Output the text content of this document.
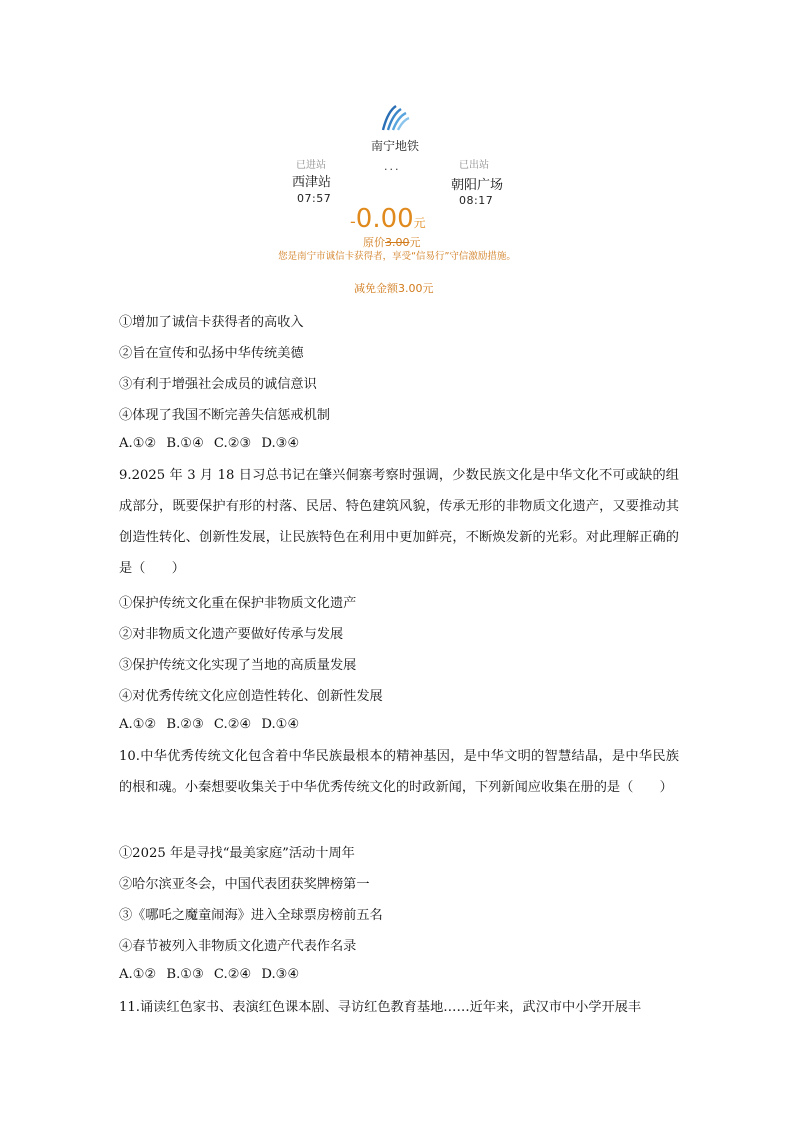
南宁地铁
已进站	已出站
...
西津站	朝阳广场
07:57	08:17
-0.00元
原价3.00元
您是南宁市诚信卡获得者，享受“信易行”守信激励措施。
减免金额3.00元
①增加了诚信卡获得者的高收入
②旨在宣传和弘扬中华传统美德
③有利于增强社会成员的诚信意识
④体现了我国不断完善失信惩戒机制
A.①② B.①④ C.②③ D.③④
9.2025 年 3 月 18 日习总书记在肇兴侗寨考察时强调，少数民族文化是中华文化不可或缺的组成部分，既要保护有形的村落、民居、特色建筑风貌，传承无形的非物质文化遗产，又要推动其创造性转化、创新性发展，让民族特色在利用中更加鲜亮，不断焕发新的光彩。对此理解正确的是（　　）
①保护传统文化重在保护非物质文化遗产
②对非物质文化遗产要做好传承与发展
③保护传统文化实现了当地的高质量发展
④对优秀传统文化应创造性转化、创新性发展
A.①② B.②③ C.②④ D.①④
10.中华优秀传统文化包含着中华民族最根本的精神基因，是中华文明的智慧结晶，是中华民族的根和魂。小秦想要收集关于中华优秀传统文化的时政新闻，下列新闻应收集在册的是（　　）
①2025 年是寻找“最美家庭”活动十周年
②哈尔滨亚冬会，中国代表团获奖牌榜第一
③《哪吒之魔童闹海》进入全球票房榜前五名
④春节被列入非物质文化遗产代表作名录
A.①② B.①③ C.②④ D.③④
11.诵读红色家书、表演红色课本剧、寻访红色教育基地……近年来，武汉市中小学开展丰
